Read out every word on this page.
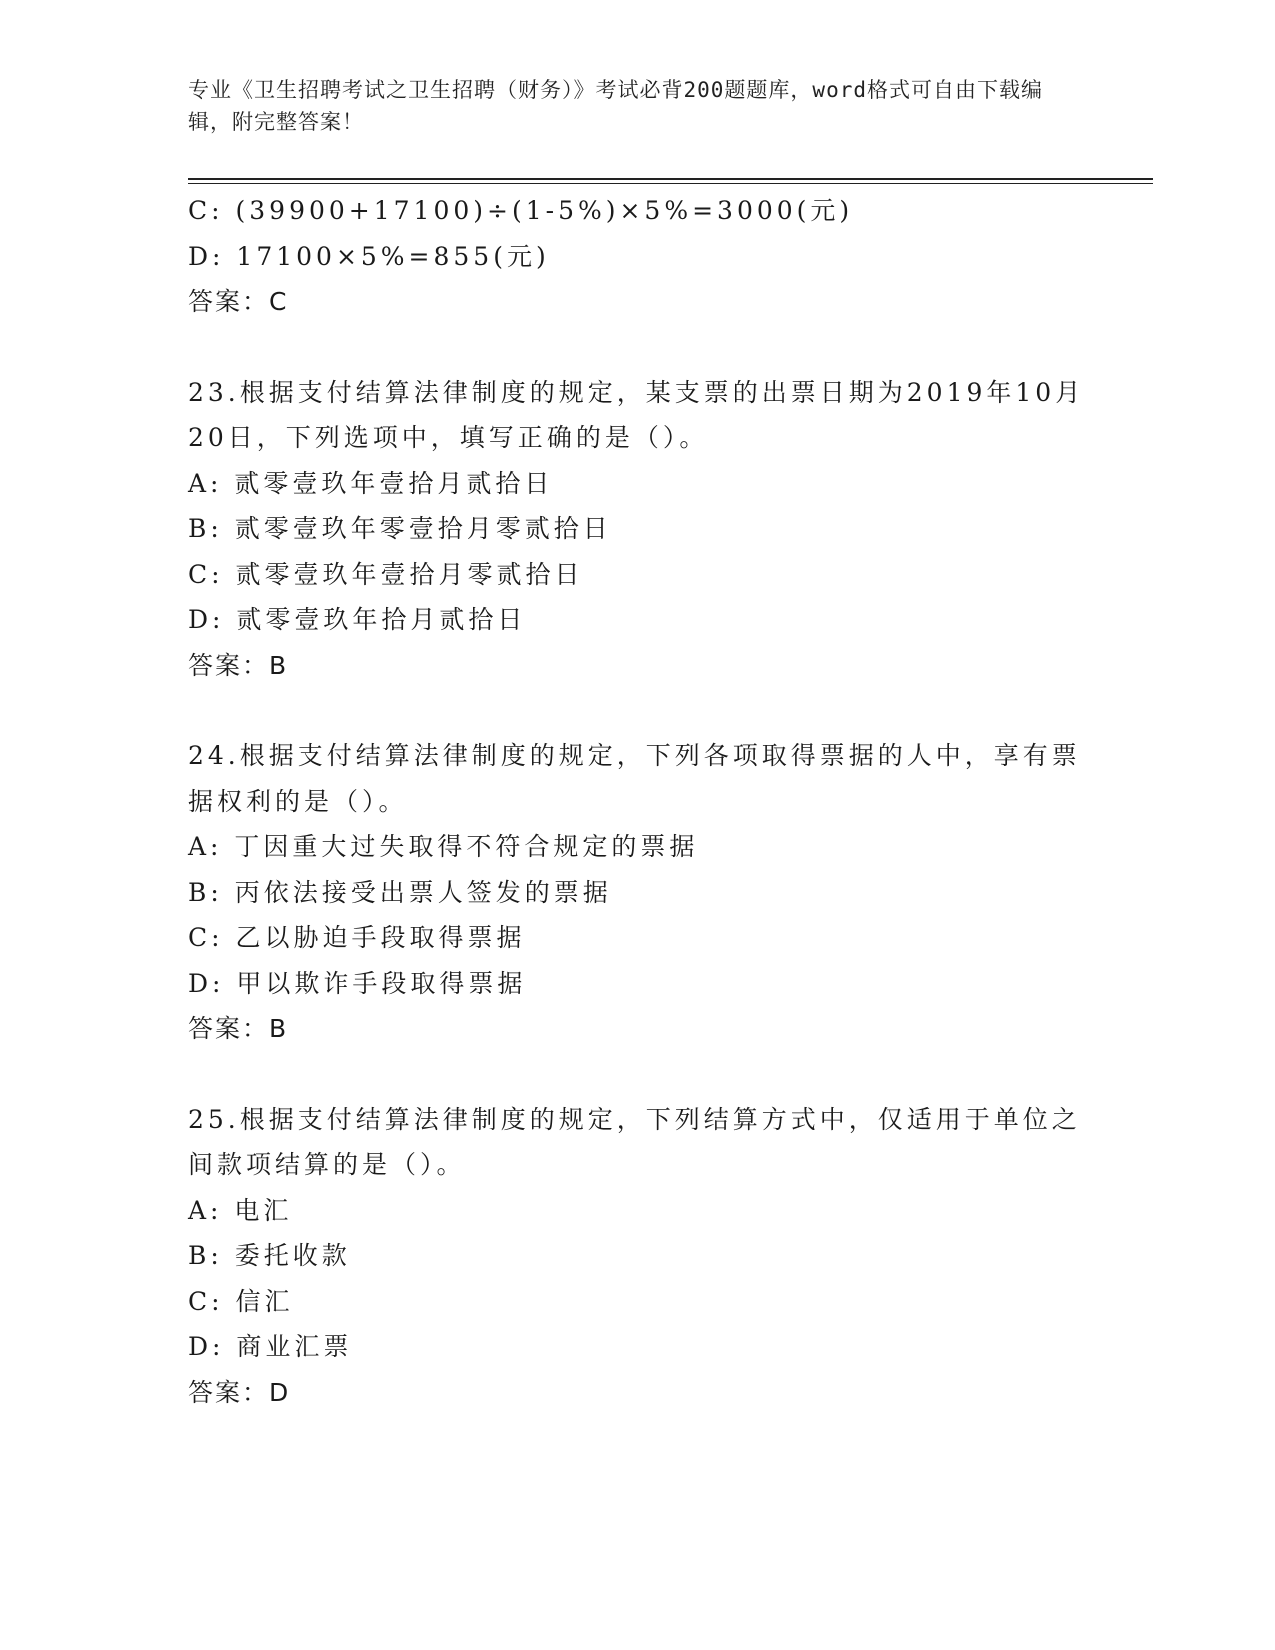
专业《卫生招聘考试之卫生招聘（财务）》考试必背200题题库，word格式可自由下载编辑，附完整答案！
C: (39900+17100)÷(1-5%)×5%=3000(元)
D: 17100×5%=855(元)
答案：C
23.根据支付结算法律制度的规定，某支票的出票日期为2019年10月20日，下列选项中，填写正确的是（）。
A: 贰零壹玖年壹拾月贰拾日
B: 贰零壹玖年零壹拾月零贰拾日
C: 贰零壹玖年壹拾月零贰拾日
D: 贰零壹玖年拾月贰拾日
答案：B
24.根据支付结算法律制度的规定，下列各项取得票据的人中，享有票据权利的是（）。
A: 丁因重大过失取得不符合规定的票据
B: 丙依法接受出票人签发的票据
C: 乙以胁迫手段取得票据
D: 甲以欺诈手段取得票据
答案：B
25.根据支付结算法律制度的规定，下列结算方式中，仅适用于单位之间款项结算的是（）。
A: 电汇
B: 委托收款
C: 信汇
D: 商业汇票
答案：D
